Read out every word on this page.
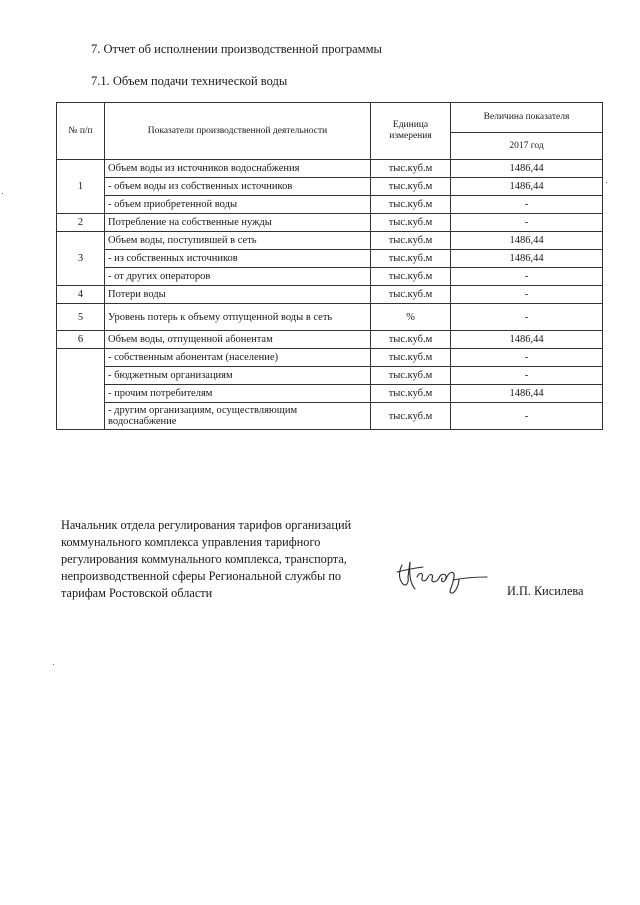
7. Отчет об исполнении производственной программы
7.1. Объем подачи технической воды
№ п/п	Показатели производственной деятельности	Единица измерения	Величина показателя
			2017 год
1	Объем воды из источников водоснабжения	тыс.куб.м	1486,44
	- объем воды из собственных источников	тыс.куб.м	1486,44
	- объем приобретенной воды	тыс.куб.м	-
2	Потребление на собственные нужды	тыс.куб.м	-
3	Объем воды, поступившей в сеть	тыс.куб.м	1486,44
	- из собственных источников	тыс.куб.м	1486,44
	- от других операторов	тыс.куб.м	-
4	Потери воды	тыс.куб.м	-
5	Уровень потерь к объему отпущенной воды в сеть	%	-
6	Объем воды, отпущенной абонентам	тыс.куб.м	1486,44
	- собственным абонентам (население)	тыс.куб.м	-
	- бюджетным организациям	тыс.куб.м	-
	- прочим потребителям	тыс.куб.м	1486,44
	- другим организациям, осуществляющим водоснабжение	тыс.куб.м	-
Начальник отдела регулирования тарифов организаций
коммунального комплекса управления тарифного
регулирования коммунального комплекса, транспорта,
непроизводственной сферы Региональной службы по
тарифам Ростовской области	И.П. Кисилева
